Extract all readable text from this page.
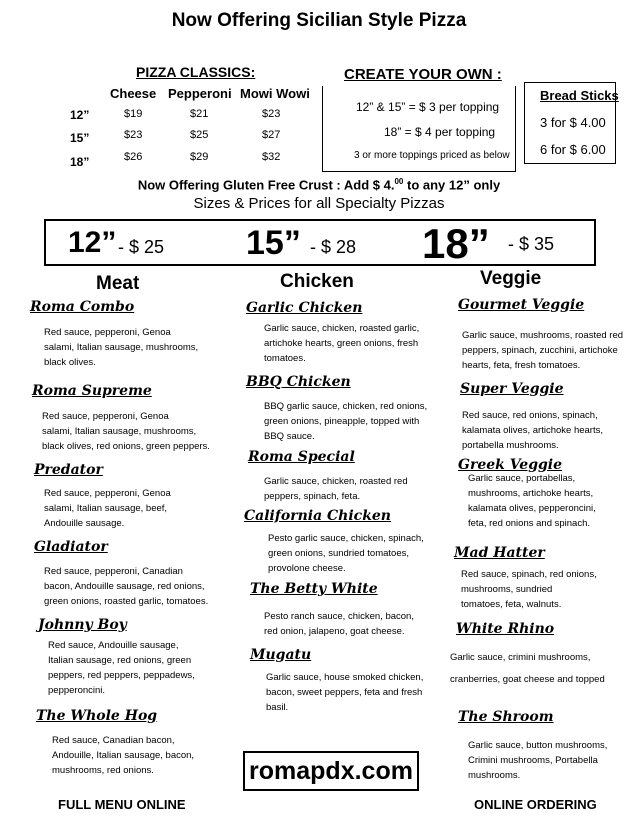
Now Offering Sicilian Style Pizza
PIZZA CLASSICS:
Cheese Pepperoni Mowi Wowi
12”	$19	$21	$23
15”	$23	$25	$27
18”	$26	$29	$32
CREATE YOUR OWN :
12” & 15” = $ 3 per topping
18” = $ 4 per topping
3 or more toppings priced as below
Bread Sticks
3 for $ 4.00
6 for $ 6.00
Now Offering Gluten Free Crust : Add $ 4.00 to any 12” only
Sizes & Prices for all Specialty Pizzas
12” - $ 25 15” - $ 28 18” - $ 35
Meat	Chicken	Veggie
Roma Combo
Red sauce, pepperoni, Genoa
salami, Italian sausage, mushrooms,
black olives.
Roma Supreme
Red sauce, pepperoni, Genoa
salami, Italian sausage, mushrooms,
black olives, red onions, green peppers.
Predator
Red sauce, pepperoni, Genoa
salami, Italian sausage, beef,
Andouille sausage.
Gladiator
Red sauce, pepperoni, Canadian
bacon, Andouille sausage, red onions,
green onions, roasted garlic, tomatoes.
Johnny Boy
Red sauce, Andouille sausage,
Italian sausage, red onions, green
peppers, red peppers, peppadews,
pepperoncini.
The Whole Hog
Red sauce, Canadian bacon,
Andouille, Italian sausage, bacon,
mushrooms, red onions.
Garlic Chicken
Garlic sauce, chicken, roasted garlic,
artichoke hearts, green onions, fresh
tomatoes.
BBQ Chicken
BBQ garlic sauce, chicken, red onions,
green onions, pineapple, topped with
BBQ sauce.
Roma Special
Garlic sauce, chicken, roasted red
peppers, spinach, feta.
California Chicken
Pesto garlic sauce, chicken, spinach,
green onions, sundried tomatoes,
provolone cheese.
The Betty White
Pesto ranch sauce, chicken, bacon,
red onion, jalapeno, goat cheese.
Mugatu
Garlic sauce, house smoked chicken,
bacon, sweet peppers, feta and fresh
basil.
Gourmet Veggie
Garlic sauce, mushrooms, roasted red
peppers, spinach, zucchini, artichoke
hearts, feta, fresh tomatoes.
Super Veggie
Red sauce, red onions, spinach,
kalamata olives, artichoke hearts,
portabella mushrooms.
Greek Veggie
Garlic sauce, portabellas,
mushrooms, artichoke hearts,
kalamata olives, pepperoncini,
feta, red onions and spinach.
Mad Hatter
Red sauce, spinach, red onions,
mushrooms, sundried
tomatoes, feta, walnuts.
White Rhino
Garlic sauce, crimini mushrooms,
cranberries, goat cheese and topped
The Shroom
Garlic sauce, button mushrooms,
Crimini mushrooms, Portabella
mushrooms.
romapdx.com
FULL MENU ONLINE	ONLINE ORDERING
